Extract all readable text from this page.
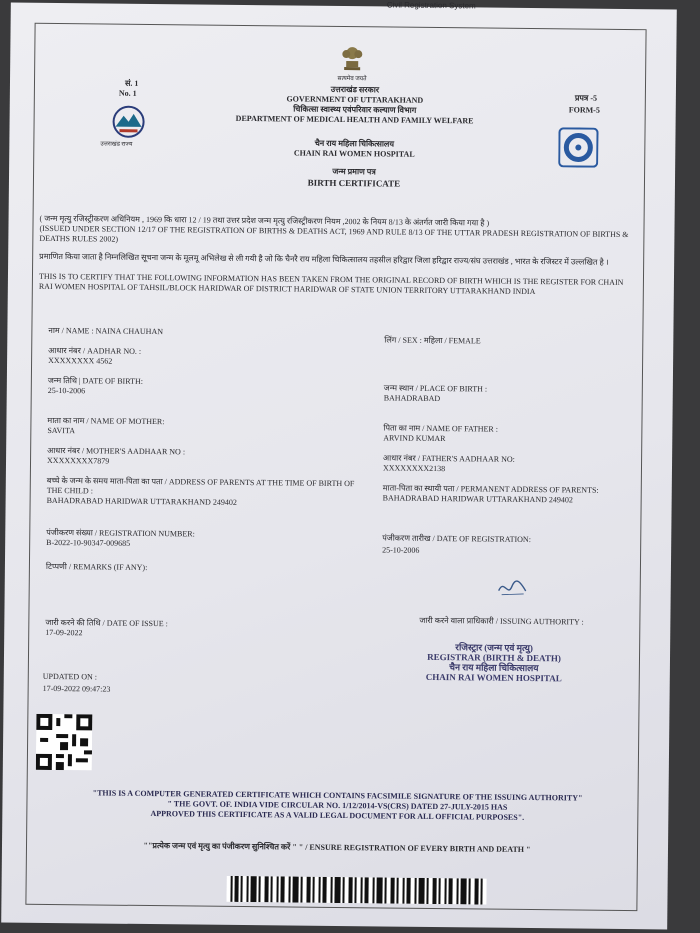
Civil Registration System
सत्यमेव जयते
सं. 1
No. 1
उत्तराखंड राज्य
उत्तराखंड सरकार
GOVERNMENT OF UTTARAKHAND
चिकित्सा स्वास्थ्य एवंपरिवार कल्याण विभाग
DEPARTMENT OF MEDICAL HEALTH AND FAMILY WELFARE
चैन राय महिला चिकित्सालय
CHAIN RAI WOMEN HOSPITAL
जन्म प्रमाण पत्र
BIRTH CERTIFICATE
प्रपत्र -5
FORM-5
( जन्म मृत्यु रजिस्ट्रीकरण अधिनियम , 1969 कि धारा 12 / 19 तथा उत्तर प्रदेश जन्म मृत्यु रजिस्ट्रीकरण नियम ,2002 के नियम 8/13 के अंतर्गत जारी किया गया है )
(ISSUED UNDER SECTION 12/17 OF THE REGISTRATION OF BIRTHS & DEATHS ACT, 1969 AND RULE 8/13 OF THE UTTAR PRADESH REGISTRATION OF BIRTHS & DEATHS RULES 2002)
प्रमाणित किया जाता है निम्नलिखित सूचना जन्म के मूलमू अभिलेख से ली गयी है जो कि चैनरै राय महिला चिकित्सालय तहसील हरिद्वार जिला हरिद्वार राज्य/संघ उत्तराखंड , भारत के रजिस्टर में उल्लखित है ।
THIS IS TO CERTIFY THAT THE FOLLOWING INFORMATION HAS BEEN TAKEN FROM THE ORIGINAL RECORD OF BIRTH WHICH IS THE REGISTER FOR CHAIN RAI WOMEN HOSPITAL OF TAHSIL/BLOCK HARIDWAR OF DISTRICT HARIDWAR OF STATE UNION TERRITORY UTTARAKHAND INDIA
नाम / NAME : NAINA CHAUHAN
आधार नंबर / AADHAR NO. :
XXXXXXXX 4562
जन्म तिथि | DATE OF BIRTH:
25-10-2006
माता का नाम / NAME OF MOTHER:
SAVITA
आधार नंबर / MOTHER'S AADHAAR NO :
XXXXXXXX7879
बच्चे के जन्म के समय माता-पिता का पता / ADDRESS OF PARENTS AT THE TIME OF BIRTH OF THE CHILD :
BAHADRABAD HARIDWAR UTTARAKHAND 249402
पंजीकरण संख्या / REGISTRATION NUMBER:
B-2022-10-90347-009685
टिप्पणी / REMARKS (IF ANY):
जारी करने की तिथि / DATE OF ISSUE :
17-09-2022
UPDATED ON :
17-09-2022 09:47:23
लिंग / SEX : महिला / FEMALE
जन्म स्थान / PLACE OF BIRTH :
BAHADRABAD
पिता का नाम / NAME OF FATHER :
ARVIND KUMAR
आधार नंबर / FATHER'S AADHAAR NO:
XXXXXXXX2138
माता-पिता का स्थायी पता / PERMANENT ADDRESS OF PARENTS:
BAHADRABAD HARIDWAR UTTARAKHAND 249402
पंजीकरण तारीख / DATE OF REGISTRATION:
25-10-2006
जारी करने वाला प्राधिकारी / ISSUING AUTHORITY :
रजिस्ट्रार (जन्म एवं मृत्यु)
REGISTRAR (BIRTH & DEATH)
चैन राय महिला चिकित्सालय
CHAIN RAI WOMEN HOSPITAL
"THIS IS A COMPUTER GENERATED CERTIFICATE WHICH CONTAINS FACSIMILE SIGNATURE OF THE ISSUING AUTHORITY"
" THE GOVT. OF. INDIA VIDE CIRCULAR NO. 1/12/2014-VS(CRS) DATED 27-JULY-2015 HAS
APPROVED THIS CERTIFICATE AS A VALID LEGAL DOCUMENT FOR ALL OFFICIAL PURPOSES".
""प्रत्येक जन्म एवं मृत्यु का पंजीकरण सुनिश्चित करें " " / ENSURE REGISTRATION OF EVERY BIRTH AND DEATH "
